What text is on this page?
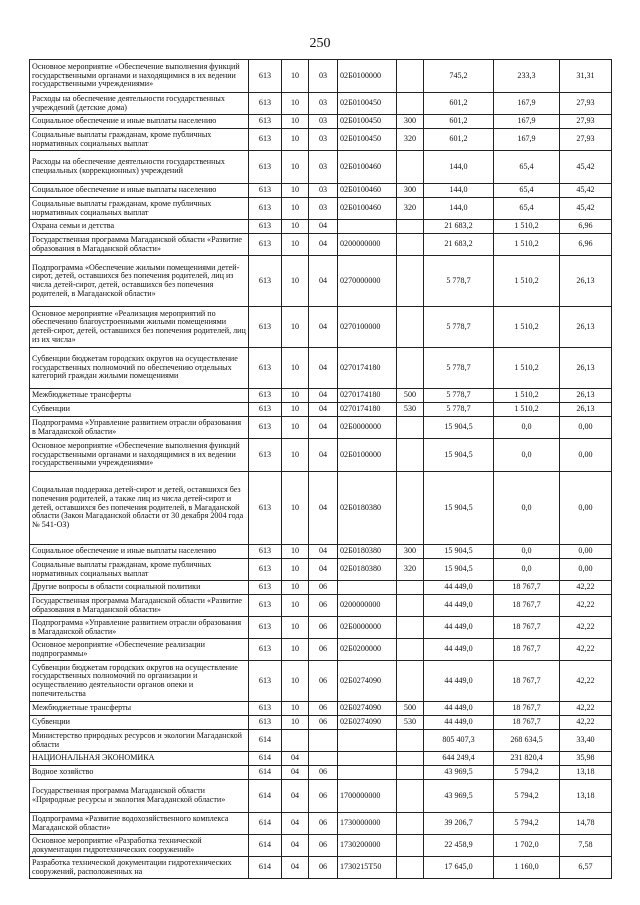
250
Основное мероприятие «Обеспечение выполнения функций государственными органами и находящимися в их ведении государственными учреждениями»	613	10	03	02Б0100000		745,2	233,3	31,31
Расходы на обеспечение деятельности государственных учреждений (детские дома)	613	10	03	02Б0100450		601,2	167,9	27,93
Социальное обеспечение и иные выплаты населению	613	10	03	02Б0100450	300	601,2	167,9	27,93
Социальные выплаты гражданам, кроме публичных нормативных социальных выплат	613	10	03	02Б0100450	320	601,2	167,9	27,93
Расходы на обеспечение деятельности государственных специальных (коррекционных) учреждений	613	10	03	02Б0100460		144,0	65,4	45,42
Социальное обеспечение и иные выплаты населению	613	10	03	02Б0100460	300	144,0	65,4	45,42
Социальные выплаты гражданам, кроме публичных нормативных социальных выплат	613	10	03	02Б0100460	320	144,0	65,4	45,42
Охрана семьи и детства	613	10	04			21 683,2	1 510,2	6,96
Государственная программа Магаданской области «Развитие образования в Магаданской области»	613	10	04	0200000000		21 683,2	1 510,2	6,96
Подпрограмма «Обеспечение жилыми помещениями детей-сирот, детей, оставшихся без попечения родителей, лиц из числа детей-сирот, детей, оставшихся без попечения родителей, в Магаданской области»	613	10	04	0270000000		5 778,7	1 510,2	26,13
Основное мероприятие «Реализация мероприятий по обеспечению благоустроенными жилыми помещениями детей-сирот, детей, оставшихся без попечения родителей, лиц из их числа»	613	10	04	0270100000		5 778,7	1 510,2	26,13
Субвенции бюджетам городских округов на осуществление государственных полномочий по обеспечению отдельных категорий граждан жилыми помещениями	613	10	04	0270174180		5 778,7	1 510,2	26,13
Межбюджетные трансферты	613	10	04	0270174180	500	5 778,7	1 510,2	26,13
Субвенции	613	10	04	0270174180	530	5 778,7	1 510,2	26,13
Подпрограмма «Управление развитием отрасли образования в Магаданской области»	613	10	04	02Б0000000		15 904,5	0,0	0,00
Основное мероприятие «Обеспечение выполнения функций государственными органами и находящимися в их ведении государственными учреждениями»	613	10	04	02Б0100000		15 904,5	0,0	0,00
Социальная поддержка детей-сирот и детей, оставшихся без попечения родителей, а также лиц из числа детей-сирот и детей, оставшихся без попечения родителей, в Магаданской области (Закон Магаданской области от 30 декабря 2004 года № 541-ОЗ)	613	10	04	02Б0180380		15 904,5	0,0	0,00
Социальное обеспечение и иные выплаты населению	613	10	04	02Б0180380	300	15 904,5	0,0	0,00
Социальные выплаты гражданам, кроме публичных нормативных социальных выплат	613	10	04	02Б0180380	320	15 904,5	0,0	0,00
Другие вопросы в области социальной политики	613	10	06			44 449,0	18 767,7	42,22
Государственная программа Магаданской области «Развитие образования в Магаданской области»	613	10	06	0200000000		44 449,0	18 767,7	42,22
Подпрограмма «Управление развитием отрасли образования в Магаданской области»	613	10	06	02Б0000000		44 449,0	18 767,7	42,22
Основное мероприятие «Обеспечение реализации подпрограммы»	613	10	06	02Б0200000		44 449,0	18 767,7	42,22
Субвенции бюджетам городских округов на осуществление государственных полномочий по организации и осуществлению деятельности органов опеки и попечительства	613	10	06	02Б0274090		44 449,0	18 767,7	42,22
Межбюджетные трансферты	613	10	06	02Б0274090	500	44 449,0	18 767,7	42,22
Субвенции	613	10	06	02Б0274090	530	44 449,0	18 767,7	42,22
Министерство природных ресурсов и экологии Магаданской области	614					805 407,3	268 634,5	33,40
НАЦИОНАЛЬНАЯ ЭКОНОМИКА	614	04				644 249,4	231 820,4	35,98
Водное хозяйство	614	04	06			43 969,5	5 794,2	13,18
Государственная программа Магаданской области «Природные ресурсы и экология Магаданской области»	614	04	06	1700000000		43 969,5	5 794,2	13,18
Подпрограмма «Развитие водохозяйственного комплекса Магаданской области»	614	04	06	1730000000		39 206,7	5 794,2	14,78
Основное мероприятие «Разработка технической документации гидротехнических сооружений»	614	04	06	1730200000		22 458,9	1 702,0	7,58
Разработка технической документации гидротехнических сооружений, расположенных на	614	04	06	1730215Т50		17 645,0	1 160,0	6,57
